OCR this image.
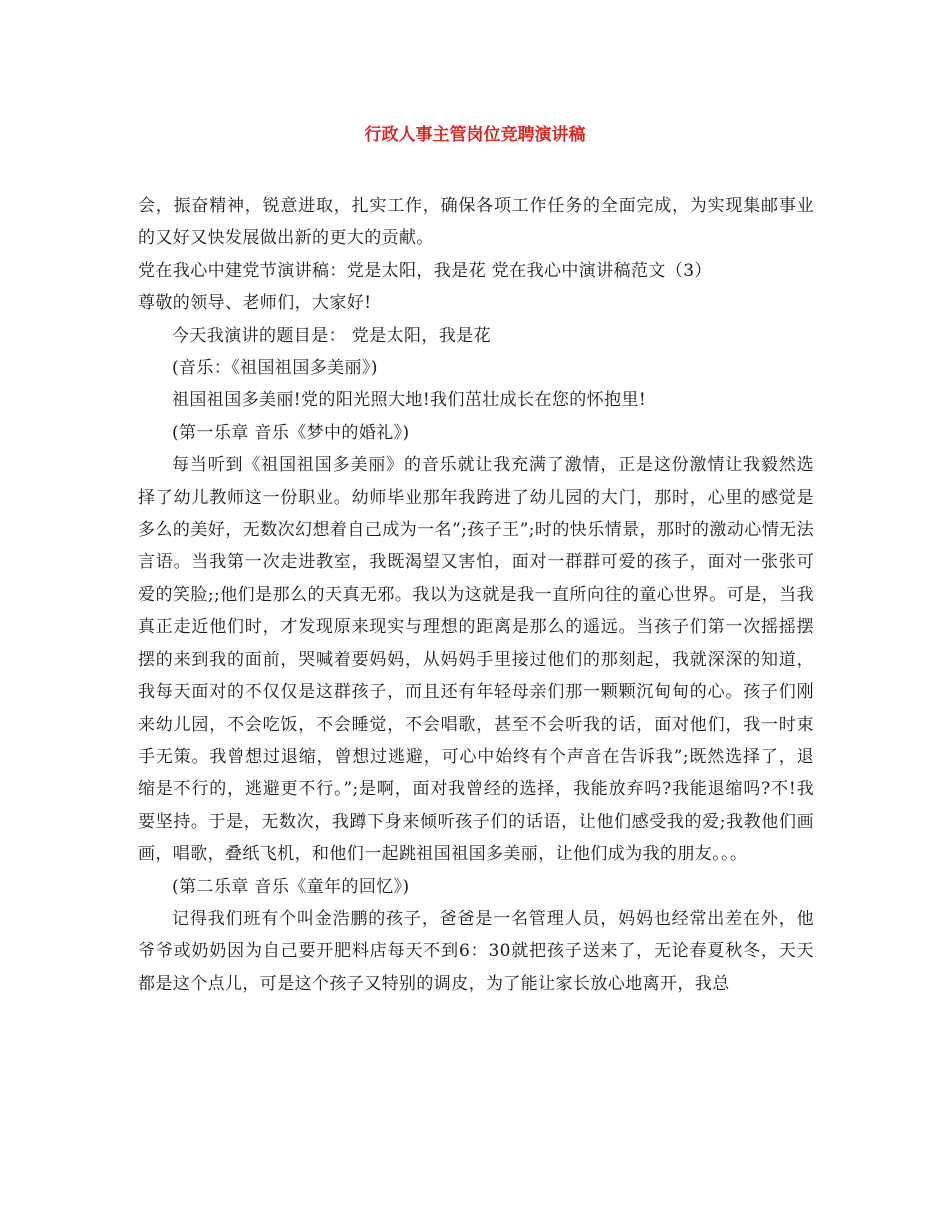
行政人事主管岗位竞聘演讲稿

会，振奋精神，锐意进取，扎实工作，确保各项工作任务的全面完成，为实现集邮事业的又好又快发展做出新的更大的贡献。

党在我心中建党节演讲稿：党是太阳，我是花 党在我心中演讲稿范文（3）

尊敬的领导、老师们，大家好!

今天我演讲的题目是： 党是太阳，我是花

(音乐：《祖国祖国多美丽》)

祖国祖国多美丽!党的阳光照大地!我们茁壮成长在您的怀抱里!

(第一乐章 音乐《梦中的婚礼》)

每当听到《祖国祖国多美丽》的音乐就让我充满了激情，正是这份激情让我毅然选择了幼儿教师这一份职业。幼师毕业那年我跨进了幼儿园的大门，那时，心里的感觉是多么的美好，无数次幻想着自己成为一名”;孩子王”;时的快乐情景，那时的激动心情无法言语。当我第一次走进教室，我既渴望又害怕，面对一群群可爱的孩子，面对一张张可爱的笑脸;;他们是那么的天真无邪。我以为这就是我一直所向往的童心世界。可是，当我真正走近他们时，才发现原来现实与理想的距离是那么的遥远。当孩子们第一次摇摇摆摆的来到我的面前，哭喊着要妈妈，从妈妈手里接过他们的那刻起，我就深深的知道，我每天面对的不仅仅是这群孩子，而且还有年轻母亲们那一颗颗沉甸甸的心。孩子们刚来幼儿园，不会吃饭，不会睡觉，不会唱歌，甚至不会听我的话，面对他们，我一时束手无策。我曾想过退缩，曾想过逃避，可心中始终有个声音在告诉我”;既然选择了，退缩是不行的，逃避更不行。”;是啊，面对我曾经的选择，我能放弃吗?我能退缩吗?不!我要坚持。于是，无数次，我蹲下身来倾听孩子们的话语，让他们感受我的爱;我教他们画画，唱歌，叠纸飞机，和他们一起跳祖国祖国多美丽，让他们成为我的朋友。。。

(第二乐章 音乐《童年的回忆》)

记得我们班有个叫金浩鹏的孩子，爸爸是一名管理人员，妈妈也经常出差在外，他爷爷或奶奶因为自己要开肥料店每天不到6：30就把孩子送来了，无论春夏秋冬，天天都是这个点儿，可是这个孩子又特别的调皮，为了能让家长放心地离开，我总
